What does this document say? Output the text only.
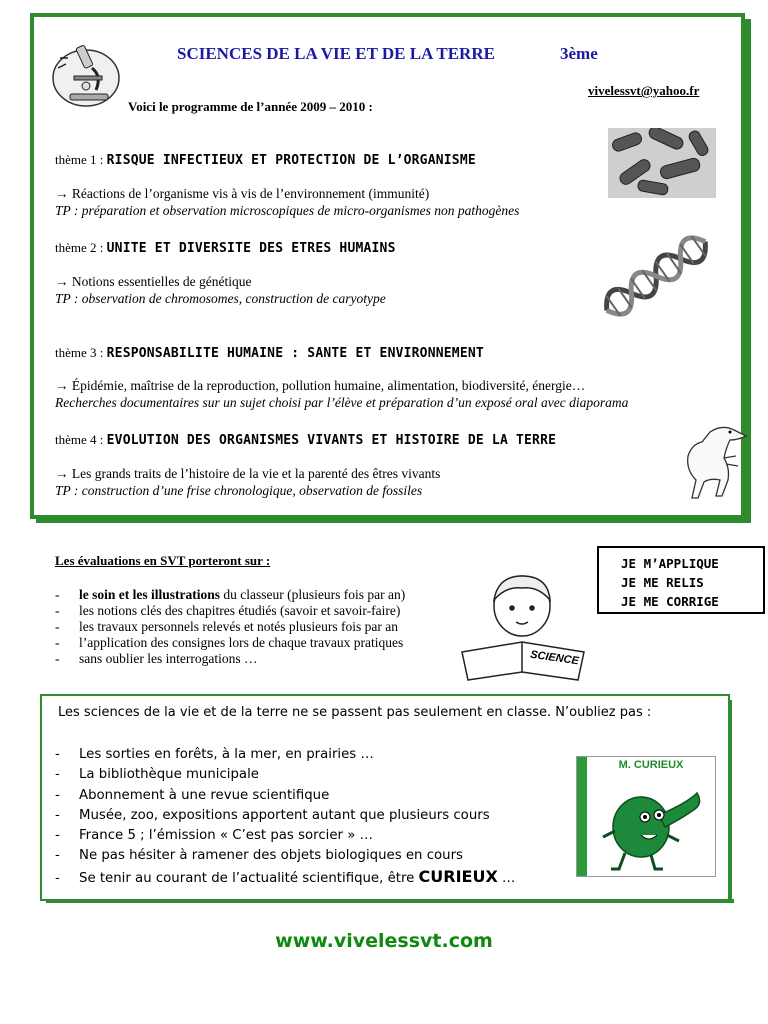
SCIENCES DE LA VIE ET DE LA TERRE	3ème
vivelessvt@yahoo.fr
Voici le programme de l’année 2009 – 2010 :
thème 1 : RISQUE INFECTIEUX ET PROTECTION DE L’ORGANISME
→ Réactions de l’organisme vis à vis de l’environnement (immunité)
TP : préparation et observation microscopiques de micro-organismes non pathogènes
thème 2 : UNITE ET DIVERSITE DES ETRES HUMAINS
→ Notions essentielles de génétique
TP : observation de chromosomes, construction de caryotype
thème 3 : RESPONSABILITE HUMAINE : SANTE ET ENVIRONNEMENT
→ Épidémie, maîtrise de la reproduction, pollution humaine, alimentation, biodiversité, énergie…
Recherches documentaires sur un sujet choisi par l’élève et préparation d’un exposé oral avec diaporama
thème 4 : EVOLUTION DES ORGANISMES VIVANTS ET HISTOIRE DE LA TERRE
→ Les grands traits de l’histoire de la vie et la parenté des êtres vivants
TP : construction d’une frise chronologique, observation de fossiles
Les évaluations en SVT porteront sur :
- le soin et les illustrations du classeur (plusieurs fois par an)
- les notions clés des chapitres étudiés (savoir et savoir-faire)
- les travaux personnels relevés et notés plusieurs fois par an
- l’application des consignes lors de chaque travaux pratiques
- sans oublier les interrogations …	SCIENCE
JE M’APPLIQUE
JE ME RELIS
JE ME CORRIGE
Les sciences de la vie et de la terre ne se passent pas seulement en classe. N’oubliez pas :
- Les sorties en forêts, à la mer, en prairies …
- La bibliothèque municipale
- Abonnement à une revue scientifique
- Musée, zoo, expositions apportent autant que plusieurs cours
- France 5 ; l’émission « C’est pas sorcier » …
- Ne pas hésiter à ramener des objets biologiques en cours
- Se tenir au courant de l’actualité scientifique, être CURIEUX …
M. CURIEUX
www.vivelessvt.com
